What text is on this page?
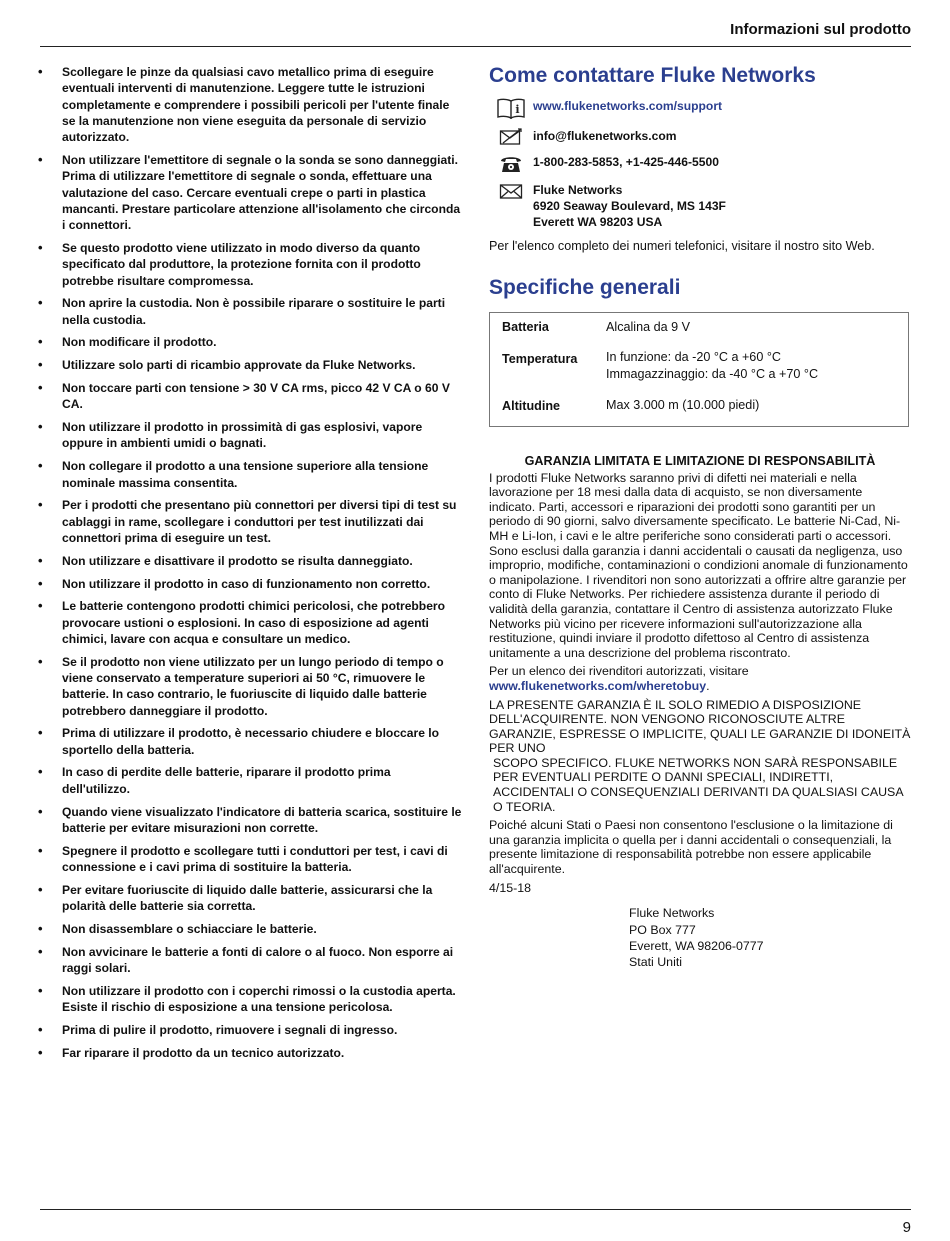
Informazioni sul prodotto
• Scollegare le pinze da qualsiasi cavo metallico prima di eseguire eventuali interventi di manutenzione. Leggere tutte le istruzioni completamente e comprendere i possibili pericoli per l'utente finale se la manutenzione non viene eseguita da personale di servizio autorizzato.
• Non utilizzare l'emettitore di segnale o la sonda se sono danneggiati. Prima di utilizzare l'emettitore di segnale o sonda, effettuare una valutazione del caso. Cercare eventuali crepe o parti in plastica mancanti. Prestare particolare attenzione all'isolamento che circonda i connettori.
• Se questo prodotto viene utilizzato in modo diverso da quanto specificato dal produttore, la protezione fornita con il prodotto potrebbe risultare compromessa.
• Non aprire la custodia. Non è possibile riparare o sostituire le parti nella custodia.
• Non modificare il prodotto.
• Utilizzare solo parti di ricambio approvate da Fluke Networks.
• Non toccare parti con tensione > 30 V CA rms, picco 42 V CA o 60 V CA.
• Non utilizzare il prodotto in prossimità di gas esplosivi, vapore oppure in ambienti umidi o bagnati.
• Non collegare il prodotto a una tensione superiore alla tensione nominale massima consentita.
• Per i prodotti che presentano più connettori per diversi tipi di test su cablaggi in rame, scollegare i conduttori per test inutilizzati dai connettori prima di eseguire un test.
• Non utilizzare e disattivare il prodotto se risulta danneggiato.
• Non utilizzare il prodotto in caso di funzionamento non corretto.
• Le batterie contengono prodotti chimici pericolosi, che potrebbero provocare ustioni o esplosioni. In caso di esposizione ad agenti chimici, lavare con acqua e consultare un medico.
• Se il prodotto non viene utilizzato per un lungo periodo di tempo o viene conservato a temperature superiori ai 50 °C, rimuovere le batterie. In caso contrario, le fuoriuscite di liquido dalle batterie potrebbero danneggiare il prodotto.
• Prima di utilizzare il prodotto, è necessario chiudere e bloccare lo sportello della batteria.
• In caso di perdite delle batterie, riparare il prodotto prima dell'utilizzo.
• Quando viene visualizzato l'indicatore di batteria scarica, sostituire le batterie per evitare misurazioni non corrette.
• Spegnere il prodotto e scollegare tutti i conduttori per test, i cavi di connessione e i cavi prima di sostituire la batteria.
• Per evitare fuoriuscite di liquido dalle batterie, assicurarsi che la polarità delle batterie sia corretta.
• Non disassemblare o schiacciare le batterie.
• Non avvicinare le batterie a fonti di calore o al fuoco. Non esporre ai raggi solari.
• Non utilizzare il prodotto con i coperchi rimossi o la custodia aperta. Esiste il rischio di esposizione a una tensione pericolosa.
• Prima di pulire il prodotto, rimuovere i segnali di ingresso.
• Far riparare il prodotto da un tecnico autorizzato.
Come contattare Fluke Networks
i www.flukenetworks.com/support
info@flukenetworks.com
1-800-283-5853, +1-425-446-5500
Fluke Networks
6920 Seaway Boulevard, MS 143F
Everett WA 98203 USA
Per l'elenco completo dei numeri telefonici, visitare il nostro sito Web.
Specifiche generali
Batteria	Alcalina da 9 V
Temperatura	In funzione: da -20 °C a +60 °C
Immagazzinaggio: da -40 °C a +70 °C

Altitudine	Max 3.000 m (10.000 piedi)
GARANZIA LIMITATA E LIMITAZIONE DI RESPONSABILITÀ

I prodotti Fluke Networks saranno privi di difetti nei materiali e nella lavorazione per 18 mesi dalla data di acquisto, se non diversamente indicato. Parti, accessori e riparazioni dei prodotti sono garantiti per un periodo di 90 giorni, salvo diversamente specificato. Le batterie Ni-Cad, Ni-MH e Li-Ion, i cavi e le altre periferiche sono considerati parti o accessori. Sono esclusi dalla garanzia i danni accidentali o causati da negligenza, uso improprio, modifiche, contaminazioni o condizioni anomale di funzionamento o manipolazione. I rivenditori non sono autorizzati a offrire altre garanzie per conto di Fluke Networks. Per richiedere assistenza durante il periodo di validità della garanzia, contattare il Centro di assistenza autorizzato Fluke Networks più vicino per ricevere informazioni sull'autorizzazione alla restituzione, quindi inviare il prodotto difettoso al Centro di assistenza unitamente a una descrizione del problema riscontrato.

Per un elenco dei rivenditori autorizzati, visitare
www.flukenetworks.com/wheretobuy.

LA PRESENTE GARANZIA È IL SOLO RIMEDIO A DISPOSIZIONE DELL'ACQUIRENTE. NON VENGONO RICONOSCIUTE ALTRE GARANZIE, ESPRESSE O IMPLICITE, QUALI LE GARANZIE DI IDONEITÀ PER UNO

SCOPO SPECIFICO. FLUKE NETWORKS NON SARÀ RESPONSABILE PER EVENTUALI PERDITE O DANNI SPECIALI, INDIRETTI, ACCIDENTALI O CONSEQUENZIALI DERIVANTI DA QUALSIASI CAUSA O TEORIA.

Poiché alcuni Stati o Paesi non consentono l'esclusione o la limitazione di una garanzia implicita o quella per i danni accidentali o consequenziali, la presente limitazione di responsabilità potrebbe non essere applicabile all'acquirente.

4/15-18

Fluke Networks
PO Box 777
Everett, WA 98206-0777
Stati Uniti
9
